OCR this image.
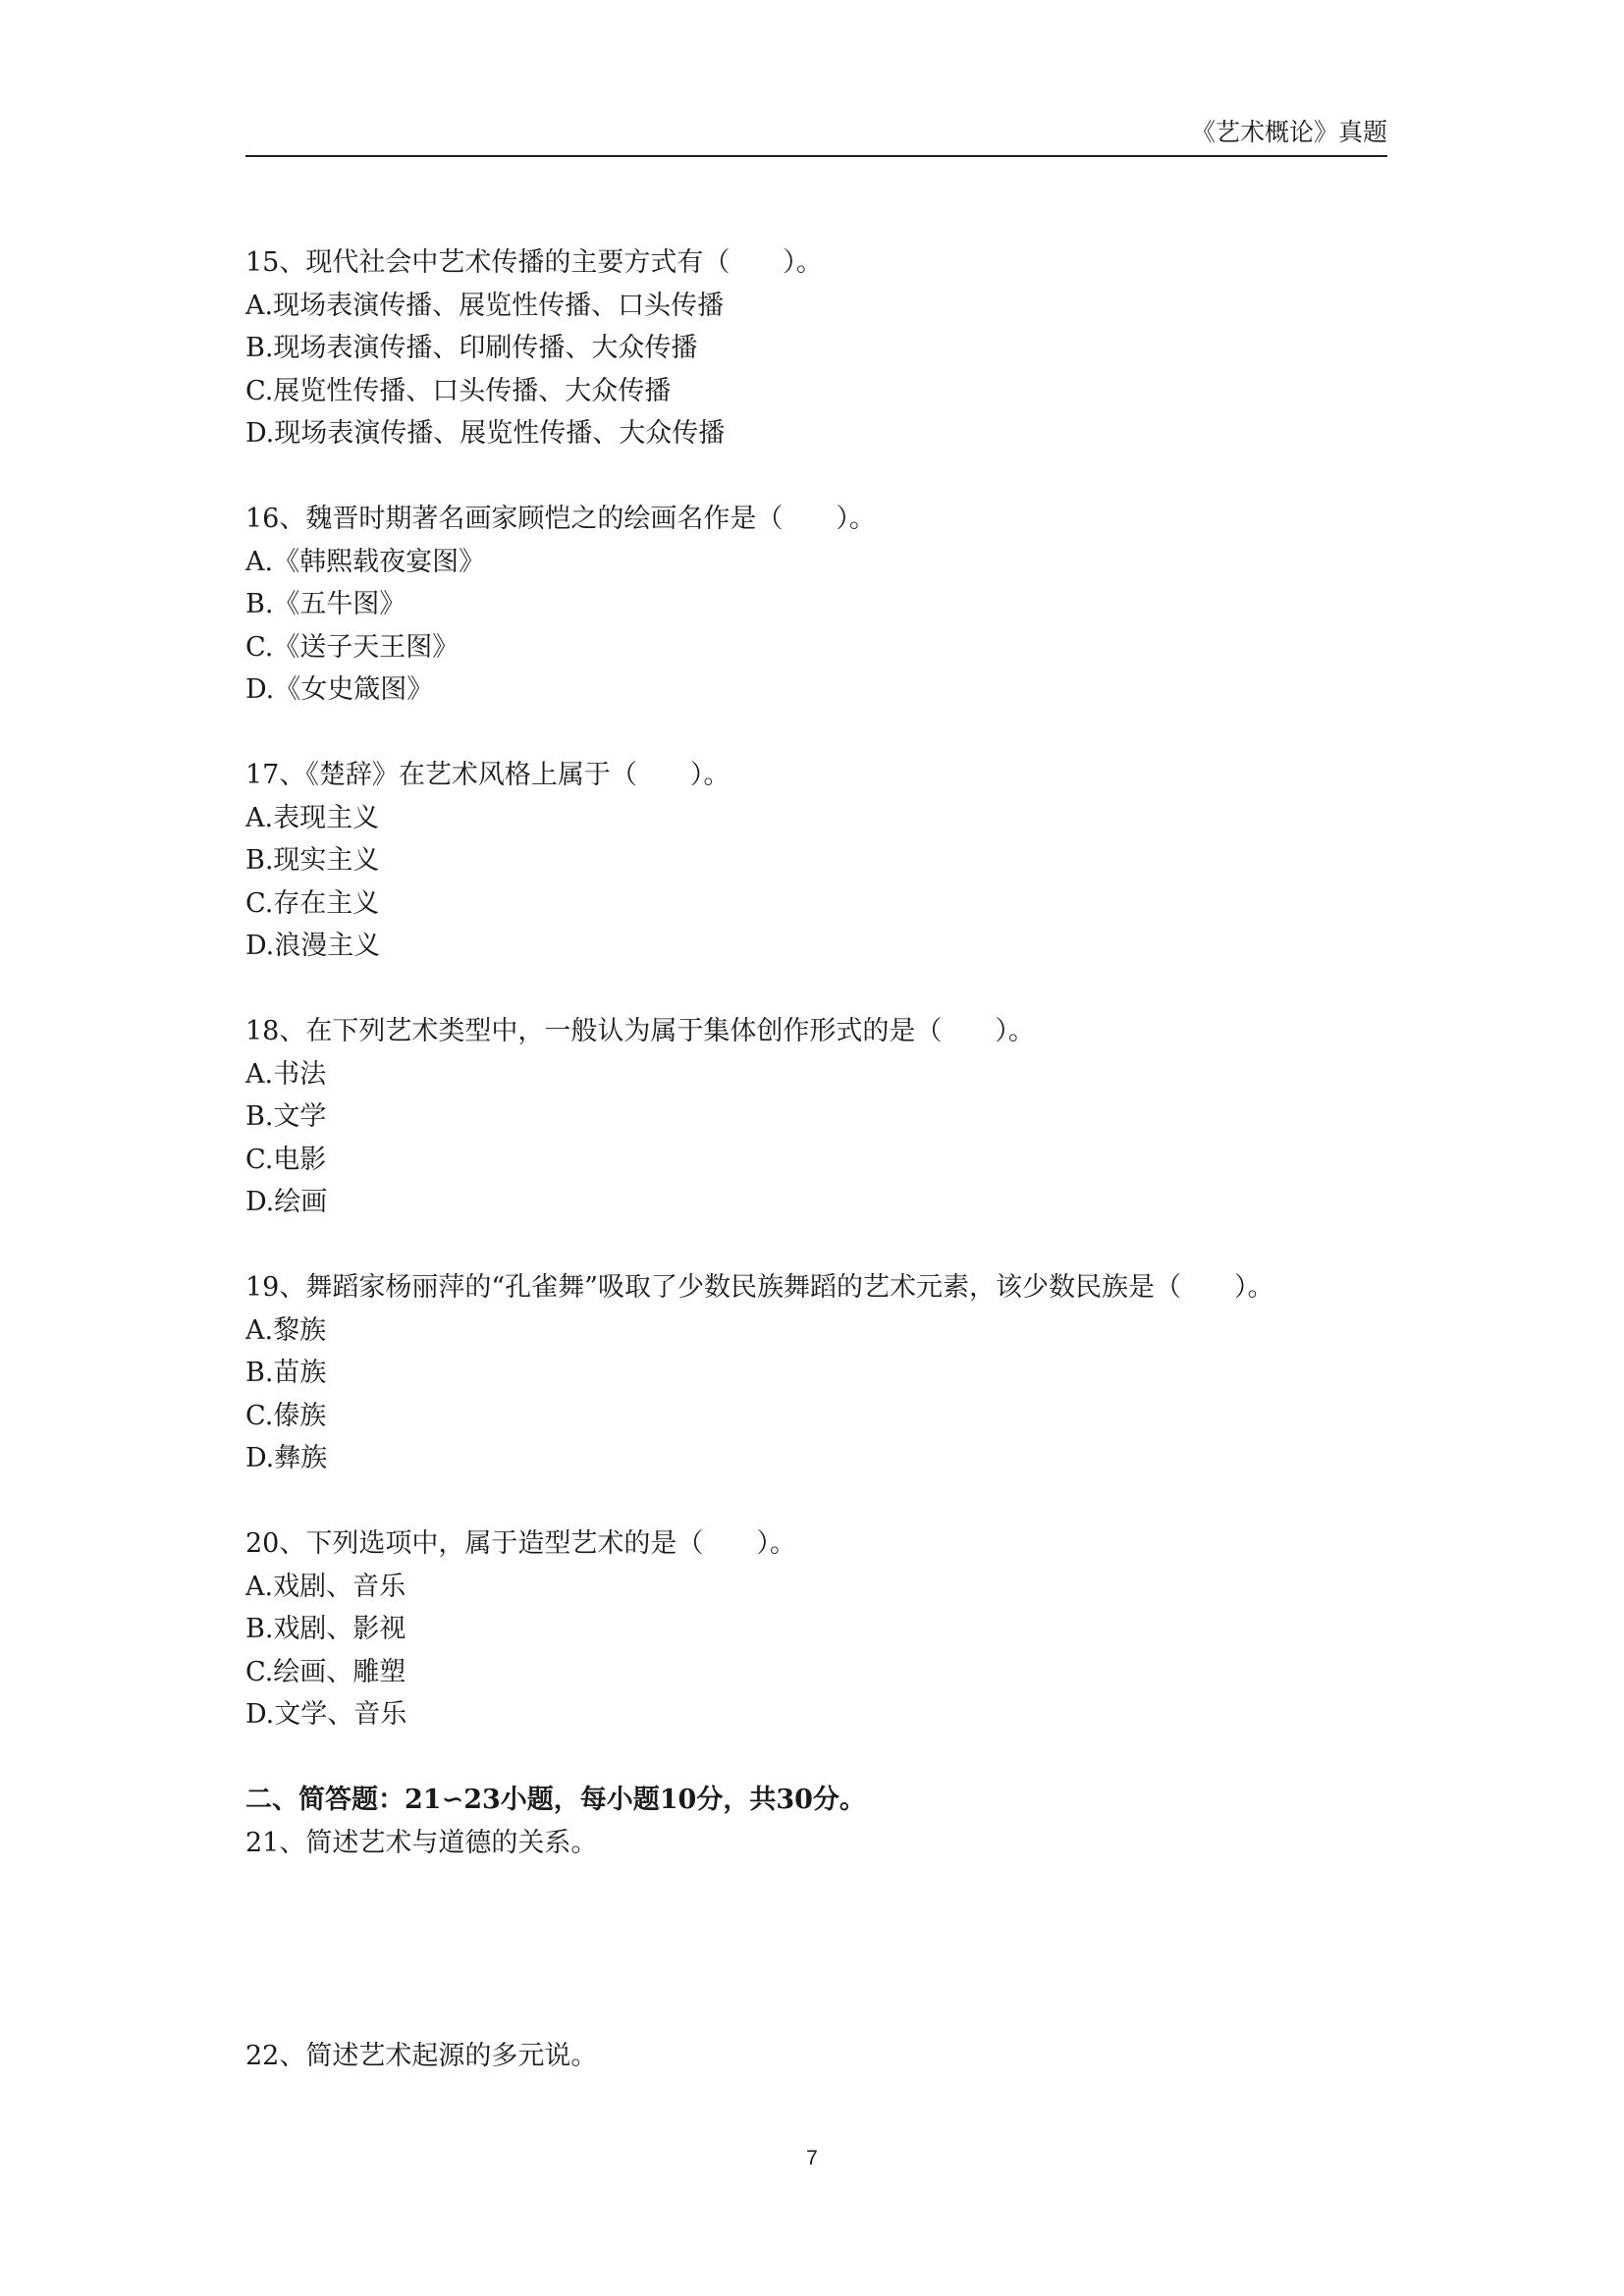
《艺术概论》真题
15、现代社会中艺术传播的主要方式有（　　）。
A.现场表演传播、展览性传播、口头传播
B.现场表演传播、印刷传播、大众传播
C.展览性传播、口头传播、大众传播
D.现场表演传播、展览性传播、大众传播
16、魏晋时期著名画家顾恺之的绘画名作是（　　）。
A.《韩熙载夜宴图》
B.《五牛图》
C.《送子天王图》
D.《女史箴图》
17、《楚辞》在艺术风格上属于（　　）。
A.表现主义
B.现实主义
C.存在主义
D.浪漫主义
18、在下列艺术类型中，一般认为属于集体创作形式的是（　　）。
A.书法
B.文学
C.电影
D.绘画
19、舞蹈家杨丽萍的“孔雀舞”吸取了少数民族舞蹈的艺术元素，该少数民族是（　　）。
A.黎族
B.苗族
C.傣族
D.彝族
20、下列选项中，属于造型艺术的是（　　）。
A.戏剧、音乐
B.戏剧、影视
C.绘画、雕塑
D.文学、音乐
二、简答题：21∽23小题，每小题10分，共30分。
21、简述艺术与道德的关系。
22、简述艺术起源的多元说。
7
